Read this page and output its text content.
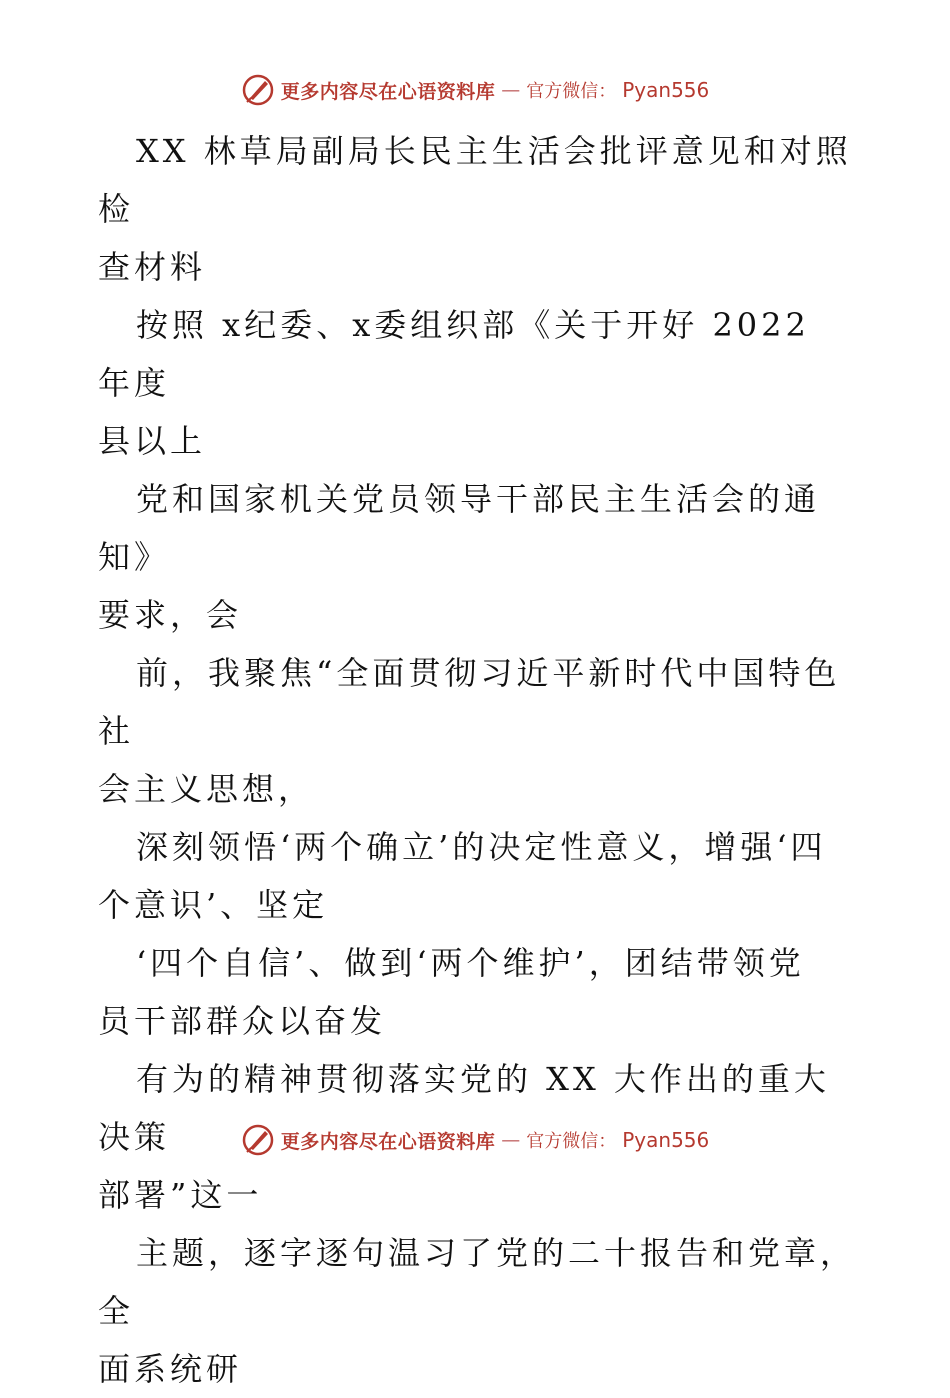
更多内容尽在心语资料库 — 官方微信： Pyan556

XX 林草局副局长民主生活会批评意见和对照检
查材料

按照 x纪委、x委组织部《关于开好 2022 年度
县以上

党和国家机关党员领导干部民主生活会的通知》
要求，会

前，我聚焦“全面贯彻习近平新时代中国特色社
会主义思想，

深刻领悟‘两个确立’的决定性意义，增强‘四
个意识’、坚定

‘四个自信’、做到‘两个维护’，团结带领党
员干部群众以奋发

有为的精神贯彻落实党的 XX 大作出的重大决策
部署”这一

主题，逐字逐句温习了党的二十报告和党章，全
面系统研

更多内容尽在心语资料库 — 官方微信： Pyan556
